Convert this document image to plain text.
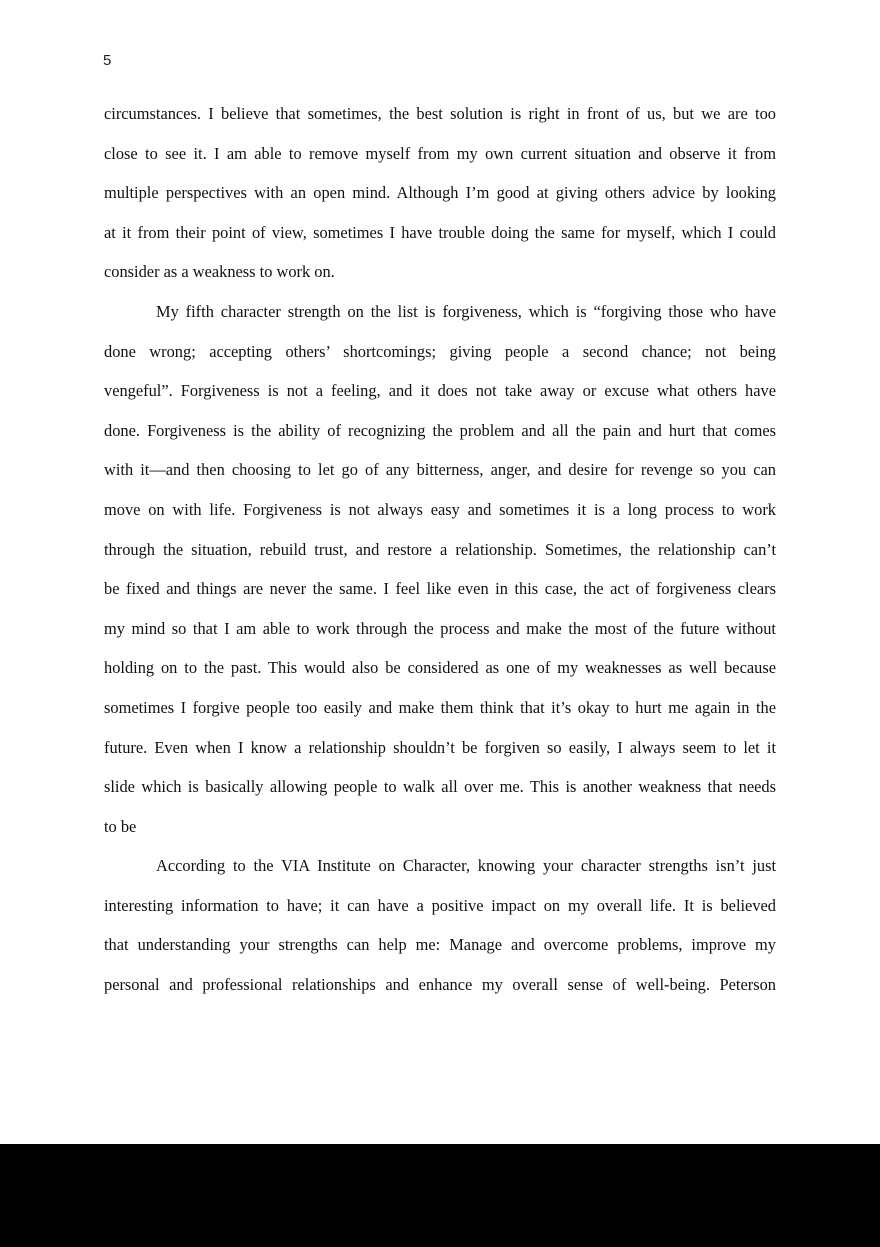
5
circumstances. I believe that sometimes, the best solution is right in front of us, but we are too
close to see it. I am able to remove myself from my own current situation and observe it from
multiple perspectives with an open mind. Although I’m good at giving others advice by looking
at it from their point of view, sometimes I have trouble doing the same for myself, which I could
consider as a weakness to work on.
My fifth character strength on the list is forgiveness, which is “forgiving those who have
done wrong; accepting others’ shortcomings; giving people a second chance; not being
vengeful”. Forgiveness is not a feeling, and it does not take away or excuse what others have
done. Forgiveness is the ability of recognizing the problem and all the pain and hurt that comes
with it—and then choosing to let go of any bitterness, anger, and desire for revenge so you can
move on with life. Forgiveness is not always easy and sometimes it is a long process to work
through the situation, rebuild trust, and restore a relationship. Sometimes, the relationship can’t
be fixed and things are never the same. I feel like even in this case, the act of forgiveness clears
my mind so that I am able to work through the process and make the most of the future without
holding on to the past. This would also be considered as one of my weaknesses as well because
sometimes I forgive people too easily and make them think that it’s okay to hurt me again in the
future. Even when I know a relationship shouldn’t be forgiven so easily, I always seem to let it
slide which is basically allowing people to walk all over me. This is another weakness that needs
to be
According to the VIA Institute on Character, knowing your character strengths isn’t just
interesting information to have; it can have a positive impact on my overall life. It is believed
that understanding your strengths can help me: Manage and overcome problems, improve my
personal and professional relationships and enhance my overall sense of well-being. Peterson
